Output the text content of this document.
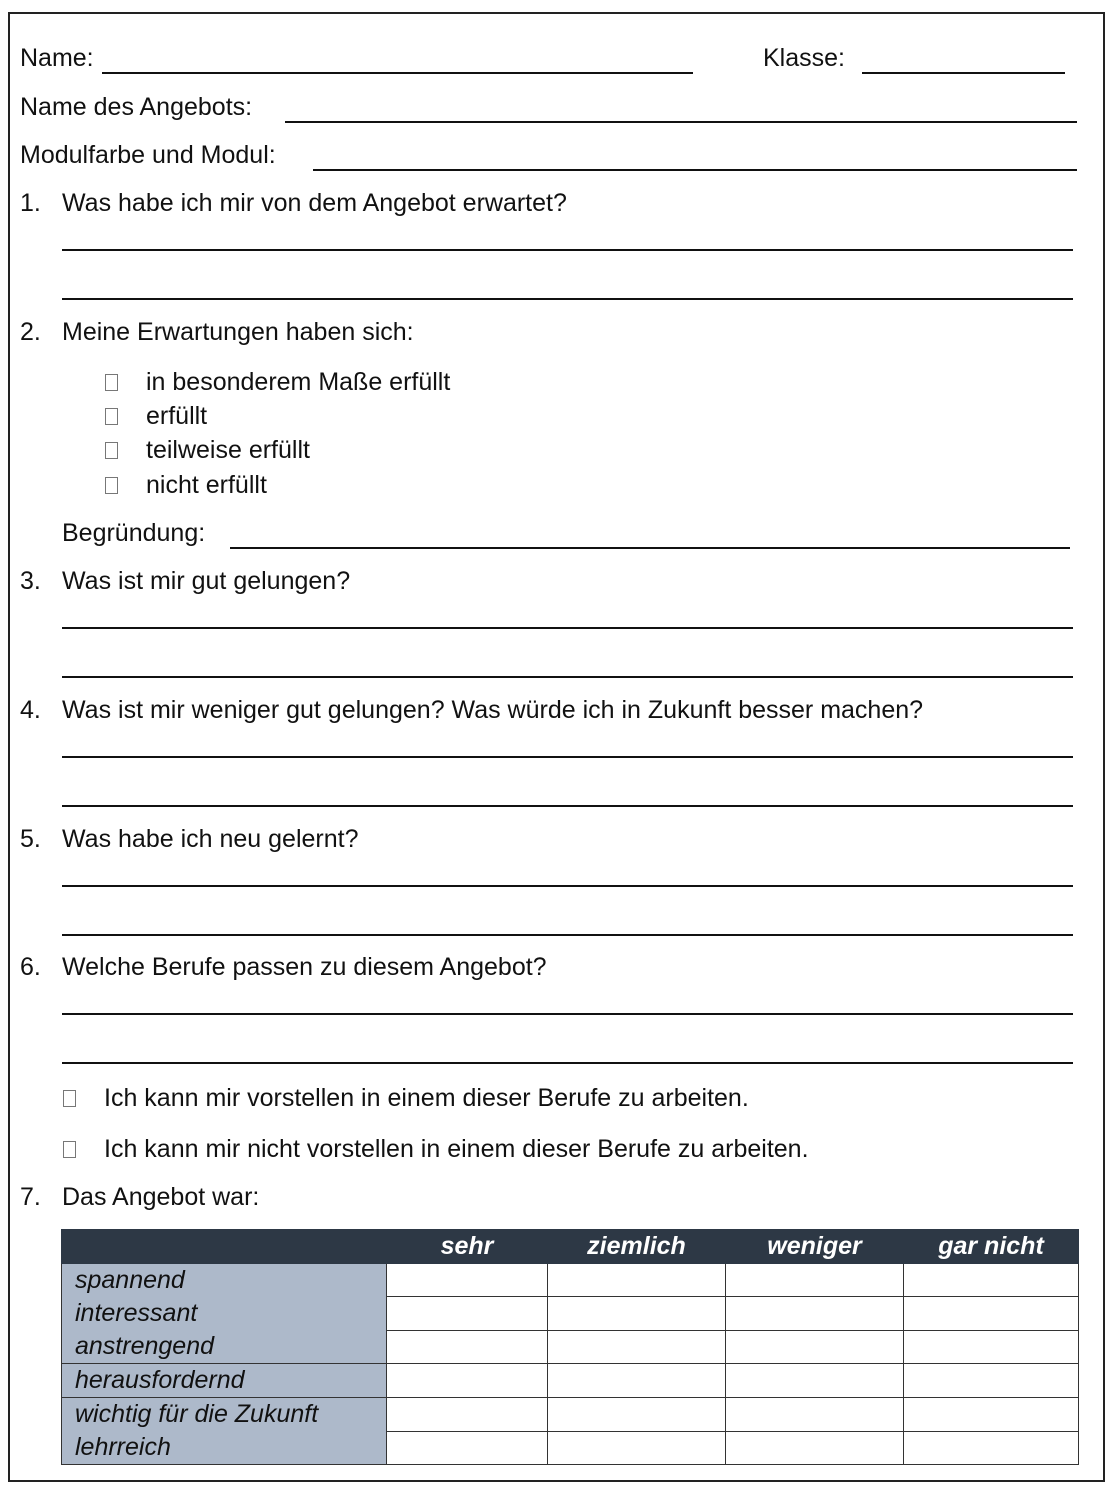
Name:	Klasse:
Name des Angebots:
Modulfarbe und Modul:
1. Was habe ich mir von dem Angebot erwartet?
2. Meine Erwartungen haben sich:
in besonderem Maße erfüllt
erfüllt
teilweise erfüllt
nicht erfüllt
Begründung:
3. Was ist mir gut gelungen?
4. Was ist mir weniger gut gelungen? Was würde ich in Zukunft besser machen?
5. Was habe ich neu gelernt?
6. Welche Berufe passen zu diesem Angebot?
Ich kann mir vorstellen in einem dieser Berufe zu arbeiten.
Ich kann mir nicht vorstellen in einem dieser Berufe zu arbeiten.
7. Das Angebot war:
	sehr	ziemlich	weniger	gar nicht

spannend
interessant
anstrengend				

herausfordernd				

wichtig für die Zukunft
lehrreich				
